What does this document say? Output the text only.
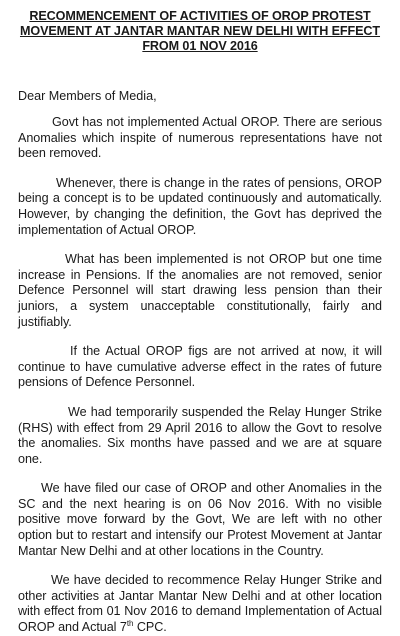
RECOMMENCEMENT OF ACTIVITIES OF OROP PROTEST
MOVEMENT AT JANTAR MANTAR NEW DELHI WITH EFFECT
FROM 01 NOV 2016

Dear Members of Media,

Govt has not implemented Actual OROP. There are serious Anomalies which inspite of numerous representations have not been removed.

Whenever, there is change in the rates of pensions, OROP being a concept is to be updated continuously and automatically. However, by changing the definition, the Govt has deprived the implementation of Actual OROP.

What has been implemented is not OROP but one time increase in Pensions. If the anomalies are not removed, senior Defence Personnel will start drawing less pension than their juniors, a system unacceptable constitutionally, fairly and justifiably.

If the Actual OROP figs are not arrived at now, it will continue to have cumulative adverse effect in the rates of future pensions of Defence Personnel.

We had temporarily suspended the Relay Hunger Strike (RHS) with effect from 29 April 2016 to allow the Govt to resolve the anomalies. Six months have passed and we are at square one.

We have filed our case of OROP and other Anomalies in the SC and the next hearing is on 06 Nov 2016. With no visible positive move forward by the Govt, We are left with no other option but to restart and intensify our Protest Movement at Jantar Mantar New Delhi and at other locations in the Country.

We have decided to recommence Relay Hunger Strike and other activities at Jantar Mantar New Delhi and at other location with effect from 01 Nov 2016 to demand Implementation of Actual OROP and Actual 7th CPC.
